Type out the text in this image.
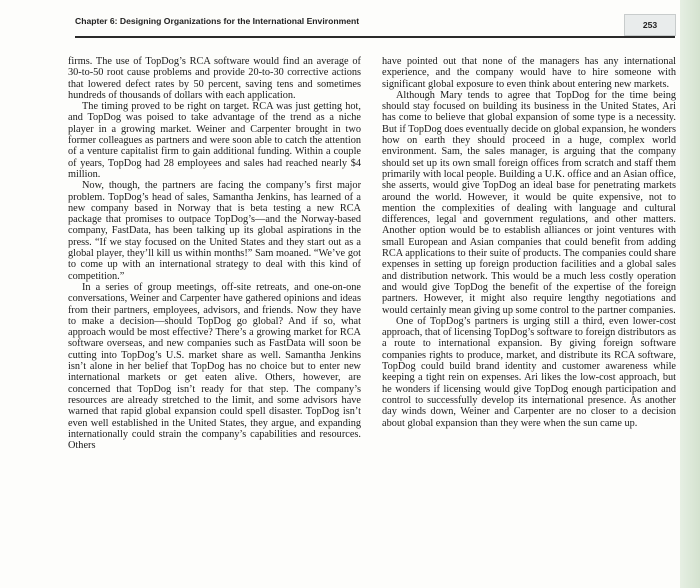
Chapter 6: Designing Organizations for the International Environment	253

firms. The use of TopDog’s RCA software would find an average of 30-to-50 root cause problems and provide 20-to-30 corrective actions that lowered defect rates by 50 percent, saving tens and sometimes hundreds of thousands of dollars with each application.

The timing proved to be right on target. RCA was just getting hot, and TopDog was poised to take advantage of the trend as a niche player in a growing market. Weiner and Carpenter brought in two former colleagues as partners and were soon able to catch the attention of a venture capitalist firm to gain additional funding. Within a couple of years, TopDog had 28 employees and sales had reached nearly $4 million.

Now, though, the partners are facing the company’s first major problem. TopDog’s head of sales, Samantha Jenkins, has learned of a new company based in Norway that is beta testing a new RCA package that promises to outpace TopDog’s—and the Norway-based company, FastData, has been talking up its global aspirations in the press. “If we stay focused on the United States and they start out as a global player, they’ll kill us within months!” Sam moaned. “We’ve got to come up with an international strategy to deal with this kind of competition.”

In a series of group meetings, off-site retreats, and one-on-one conversations, Weiner and Carpenter have gathered opinions and ideas from their partners, employees, advisors, and friends. Now they have to make a decision—should TopDog go global? And if so, what approach would be most effective? There’s a growing market for RCA software overseas, and new companies such as FastData will soon be cutting into TopDog’s U.S. market share as well. Samantha Jenkins isn’t alone in her belief that TopDog has no choice but to enter new international markets or get eaten alive. Others, however, are concerned that TopDog isn’t ready for that step. The company’s resources are already stretched to the limit, and some advisors have warned that rapid global expansion could spell disaster. TopDog isn’t even well established in the United States, they argue, and expanding internationally could strain the company’s capabilities and resources. Others

have pointed out that none of the managers has any international experience, and the company would have to hire someone with significant global exposure to even think about entering new markets.

Although Mary tends to agree that TopDog for the time being should stay focused on building its business in the United States, Ari has come to believe that global expansion of some type is a necessity. But if TopDog does eventually decide on global expansion, he wonders how on earth they should proceed in a huge, complex world environment. Sam, the sales manager, is arguing that the company should set up its own small foreign offices from scratch and staff them primarily with local people. Building a U.K. office and an Asian office, she asserts, would give TopDog an ideal base for penetrating markets around the world. However, it would be quite expensive, not to mention the complexities of dealing with language and cultural differences, legal and government regulations, and other matters. Another option would be to establish alliances or joint ventures with small European and Asian companies that could benefit from adding RCA applications to their suite of products. The companies could share expenses in setting up foreign production facilities and a global sales and distribution network. This would be a much less costly operation and would give TopDog the benefit of the expertise of the foreign partners. However, it might also require lengthy negotiations and would certainly mean giving up some control to the partner companies.

One of TopDog’s partners is urging still a third, even lower-cost approach, that of licensing TopDog’s software to foreign distributors as a route to international expansion. By giving foreign software companies rights to produce, market, and distribute its RCA software, TopDog could build brand identity and customer awareness while keeping a tight rein on expenses. Ari likes the low-cost approach, but he wonders if licensing would give TopDog enough participation and control to successfully develop its international presence. As another day winds down, Weiner and Carpenter are no closer to a decision about global expansion than they were when the sun came up.
